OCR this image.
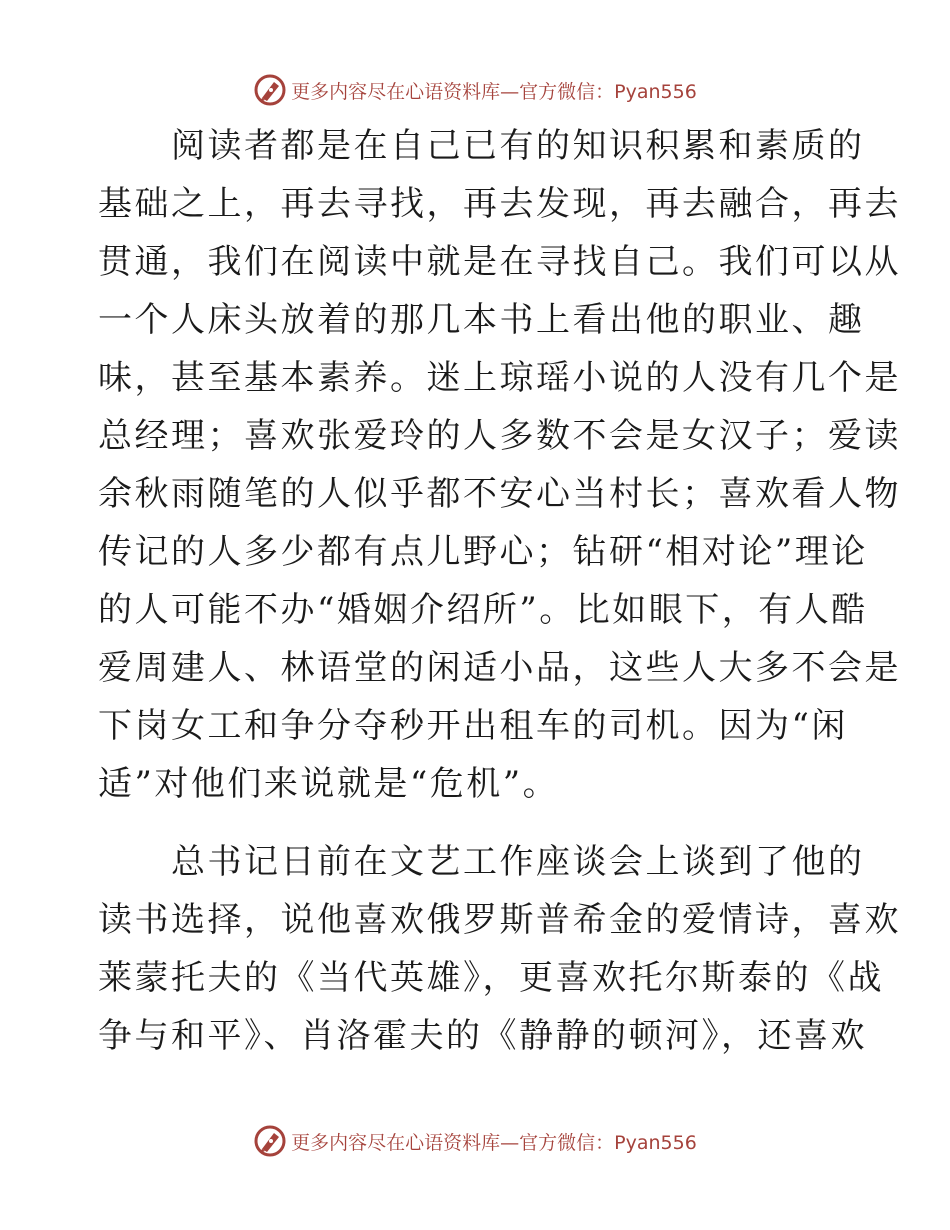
更多内容尽在心语资料库—官方微信：Pyan556
　　阅读者都是在自己已有的知识积累和素质的
基础之上，再去寻找，再去发现，再去融合，再去
贯通，我们在阅读中就是在寻找自己。我们可以从
一个人床头放着的那几本书上看出他的职业、趣
味，甚至基本素养。迷上琼瑶小说的人没有几个是
总经理；喜欢张爱玲的人多数不会是女汉子；爱读
余秋雨随笔的人似乎都不安心当村长；喜欢看人物
传记的人多少都有点儿野心；钻研“相对论”理论
的人可能不办“婚姻介绍所”。比如眼下，有人酷
爱周建人、林语堂的闲适小品，这些人大多不会是
下岗女工和争分夺秒开出租车的司机。因为“闲
适”对他们来说就是“危机”。
　　总书记日前在文艺工作座谈会上谈到了他的
读书选择，说他喜欢俄罗斯普希金的爱情诗，喜欢
莱蒙托夫的《当代英雄》，更喜欢托尔斯泰的《战
争与和平》、肖洛霍夫的《静静的顿河》，还喜欢
更多内容尽在心语资料库—官方微信：Pyan556
